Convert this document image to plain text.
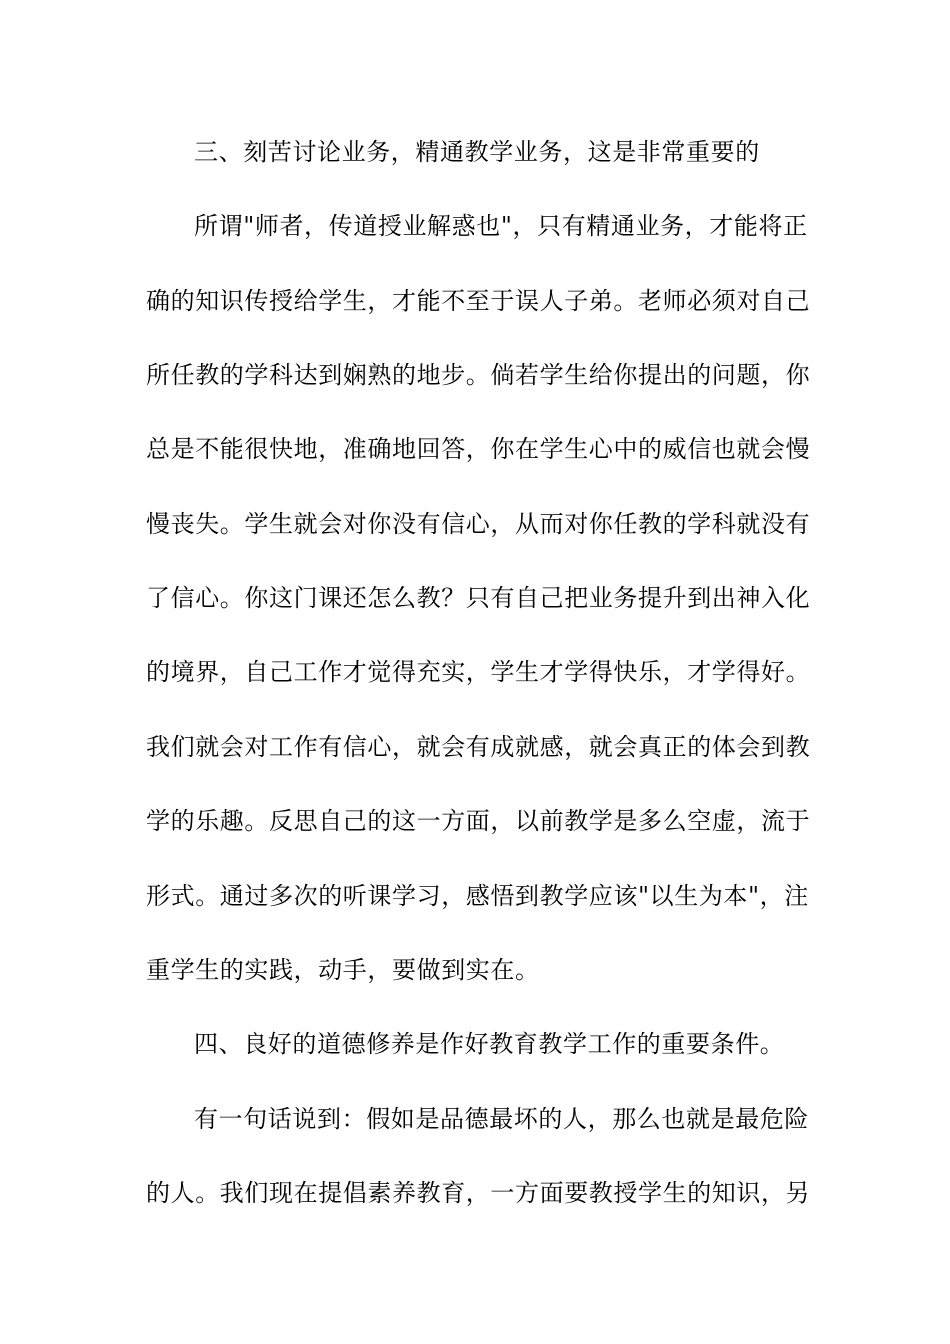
三、刻苦讨论业务，精通教学业务，这是非常重要的
所谓"师者，传道授业解惑也"，只有精通业务，才能将正
确的知识传授给学生，才能不至于误人子弟。老师必须对自己
所任教的学科达到娴熟的地步。倘若学生给你提出的问题，你
总是不能很快地，准确地回答，你在学生心中的威信也就会慢
慢丧失。学生就会对你没有信心，从而对你任教的学科就没有
了信心。你这门课还怎么教？只有自己把业务提升到出神入化
的境界，自己工作才觉得充实，学生才学得快乐，才学得好。
我们就会对工作有信心，就会有成就感，就会真正的体会到教
学的乐趣。反思自己的这一方面，以前教学是多么空虚，流于
形式。通过多次的听课学习，感悟到教学应该"以生为本"，注
重学生的实践，动手，要做到实在。
四、良好的道德修养是作好教育教学工作的重要条件。
有一句话说到：假如是品德最坏的人，那么也就是最危险
的人。我们现在提倡素养教育，一方面要教授学生的知识，另
